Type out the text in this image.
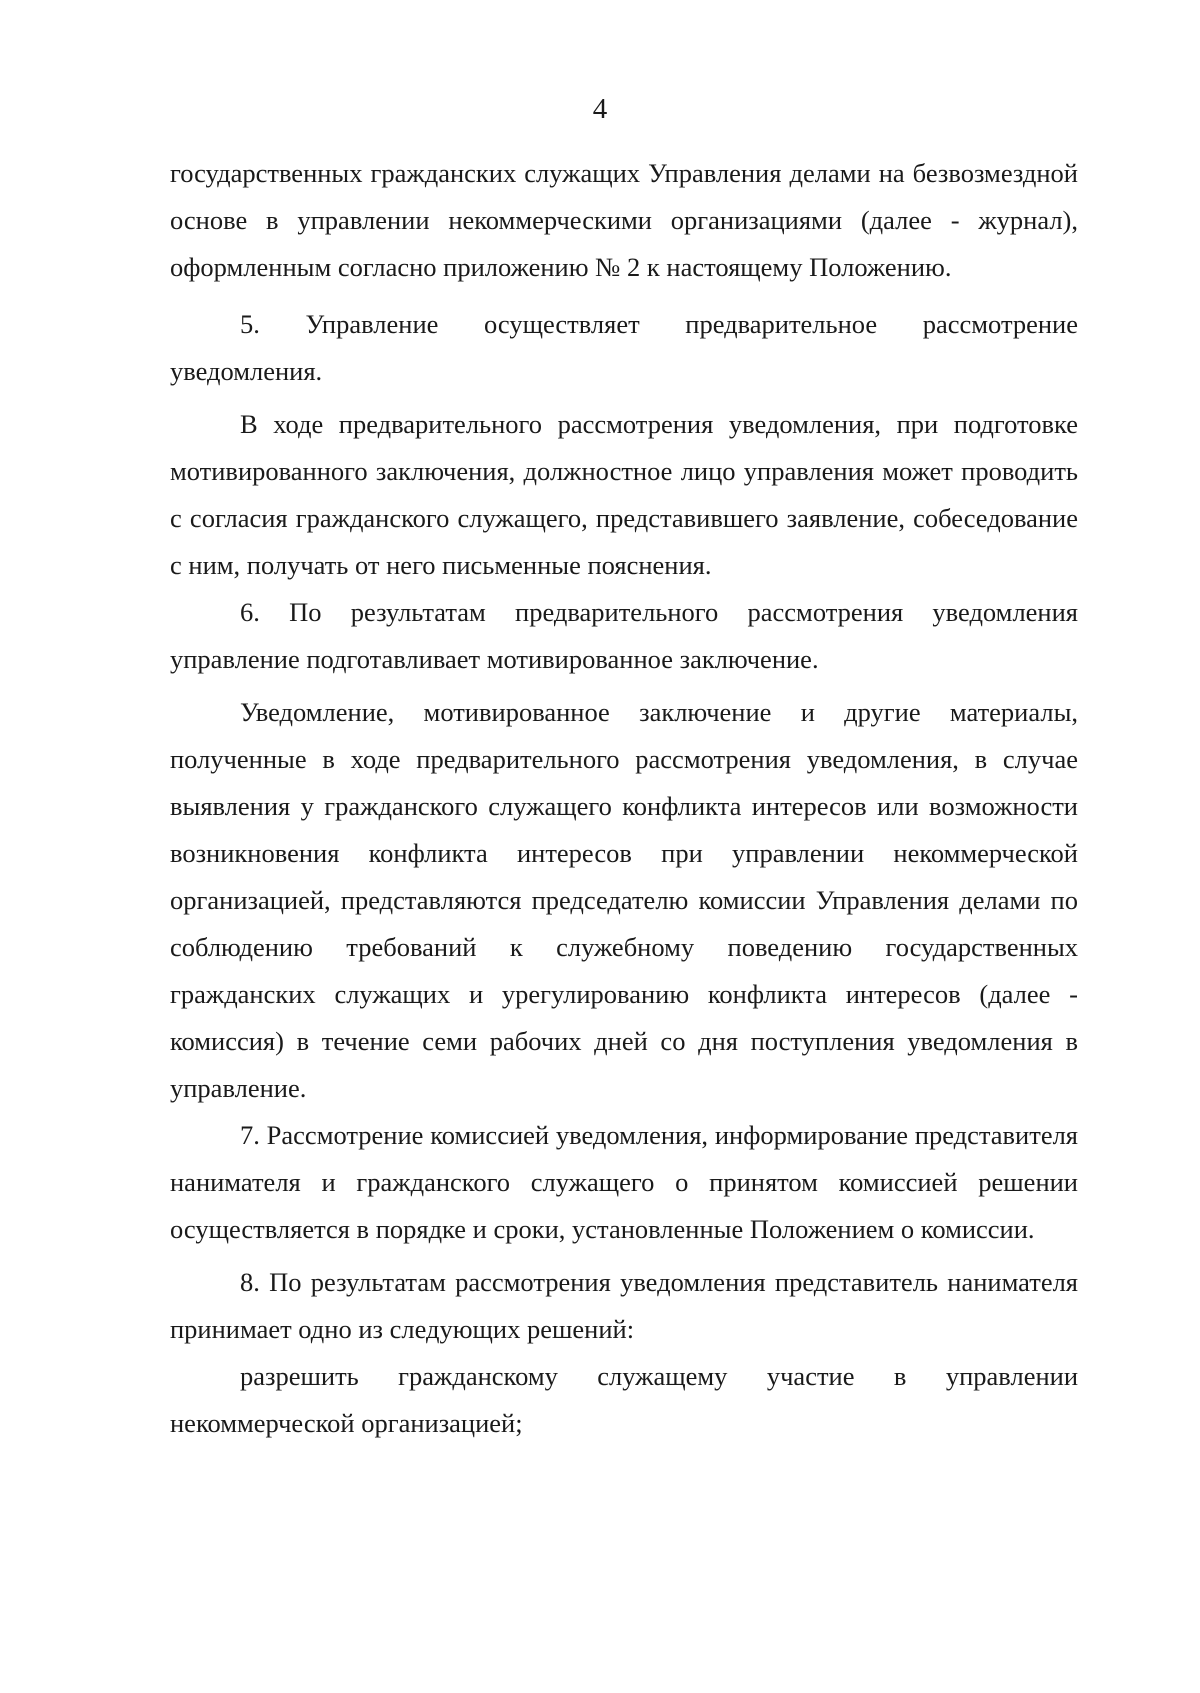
4

государственных гражданских служащих Управления делами на безвозмездной основе в управлении некоммерческими организациями (далее - журнал), оформленным согласно приложению № 2 к настоящему Положению.

5. Управление осуществляет предварительное рассмотрение уведомления.

В ходе предварительного рассмотрения уведомления, при подготовке мотивированного заключения, должностное лицо управления может проводить с согласия гражданского служащего, представившего заявление, собеседование с ним, получать от него письменные пояснения.

6. По результатам предварительного рассмотрения уведомления управление подготавливает мотивированное заключение.

Уведомление, мотивированное заключение и другие материалы, полученные в ходе предварительного рассмотрения уведомления, в случае выявления у гражданского служащего конфликта интересов или возможности возникновения конфликта интересов при управлении некоммерческой организацией, представляются председателю комиссии Управления делами по соблюдению требований к служебному поведению государственных гражданских служащих и урегулированию конфликта интересов (далее - комиссия) в течение семи рабочих дней со дня поступления уведомления в управление.

7. Рассмотрение комиссией уведомления, информирование представителя нанимателя и гражданского служащего о принятом комиссией решении осуществляется в порядке и сроки, установленные Положением о комиссии.

8. По результатам рассмотрения уведомления представитель нанимателя принимает одно из следующих решений:

разрешить гражданскому служащему участие в управлении некоммерческой организацией;
